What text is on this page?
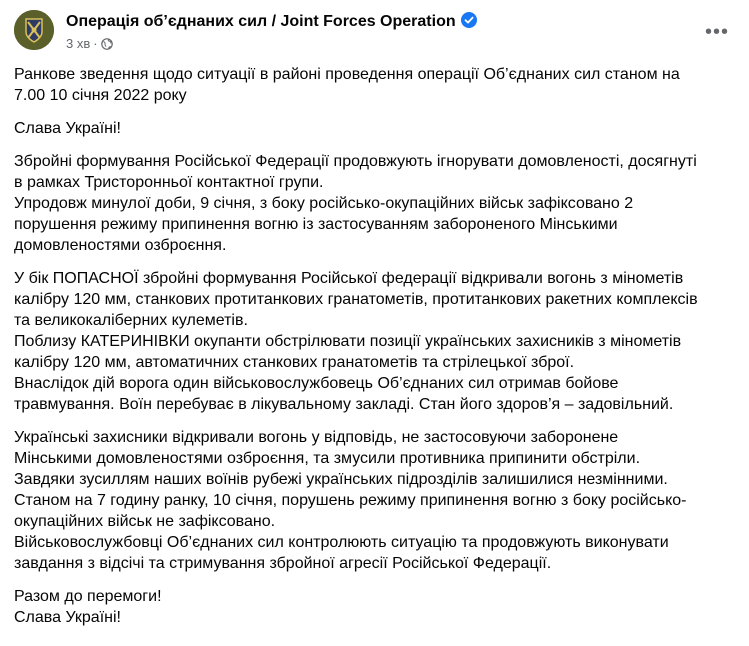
Операція об’єднаних сил / Joint Forces Operation
3 хв ·
•••

Ранкове зведення щодо ситуації в районі проведення операції Об’єднаних сил станом на
7.00 10 січня 2022 року

Слава Україні!

Збройні формування Російської Федерації продовжують ігнорувати домовленості, досягнуті
в рамках Тристоронньої контактної групи.
Упродовж минулої доби, 9 січня, з боку російсько-окупаційних військ зафіксовано 2
порушення режиму припинення вогню із застосуванням забороненого Мінськими
домовленостями озброєння.

У бік ПОПАСНОЇ збройні формування Російської федерації відкривали вогонь з мінометів
калібру 120 мм, станкових протитанкових гранатометів, протитанкових ракетних комплексів
та великокаліберних кулеметів.
Поблизу КАТЕРИНІВКИ окупанти обстрілювати позиції українських захисників з мінометів
калібру 120 мм, автоматичних станкових гранатометів та стрілецької зброї.
Внаслідок дій ворога один військовослужбовець Об’єднаних сил отримав бойове
травмування. Воїн перебуває в лікувальному закладі. Стан його здоров’я – задовільний.

Українські захисники відкривали вогонь у відповідь, не застосовуючи заборонене
Мінськими домовленостями озброєння, та змусили противника припинити обстріли.
Завдяки зусиллям наших воїнів рубежі українських підрозділів залишилися незмінними.
Станом на 7 годину ранку, 10 січня, порушень режиму припинення вогню з боку російсько-
окупаційних військ не зафіксовано.
Військовослужбовці Об’єднаних сил контролюють ситуацію та продовжують виконувати
завдання з відсічі та стримування збройної агресії Російської Федерації.

Разом до перемоги!
Слава Україні!
